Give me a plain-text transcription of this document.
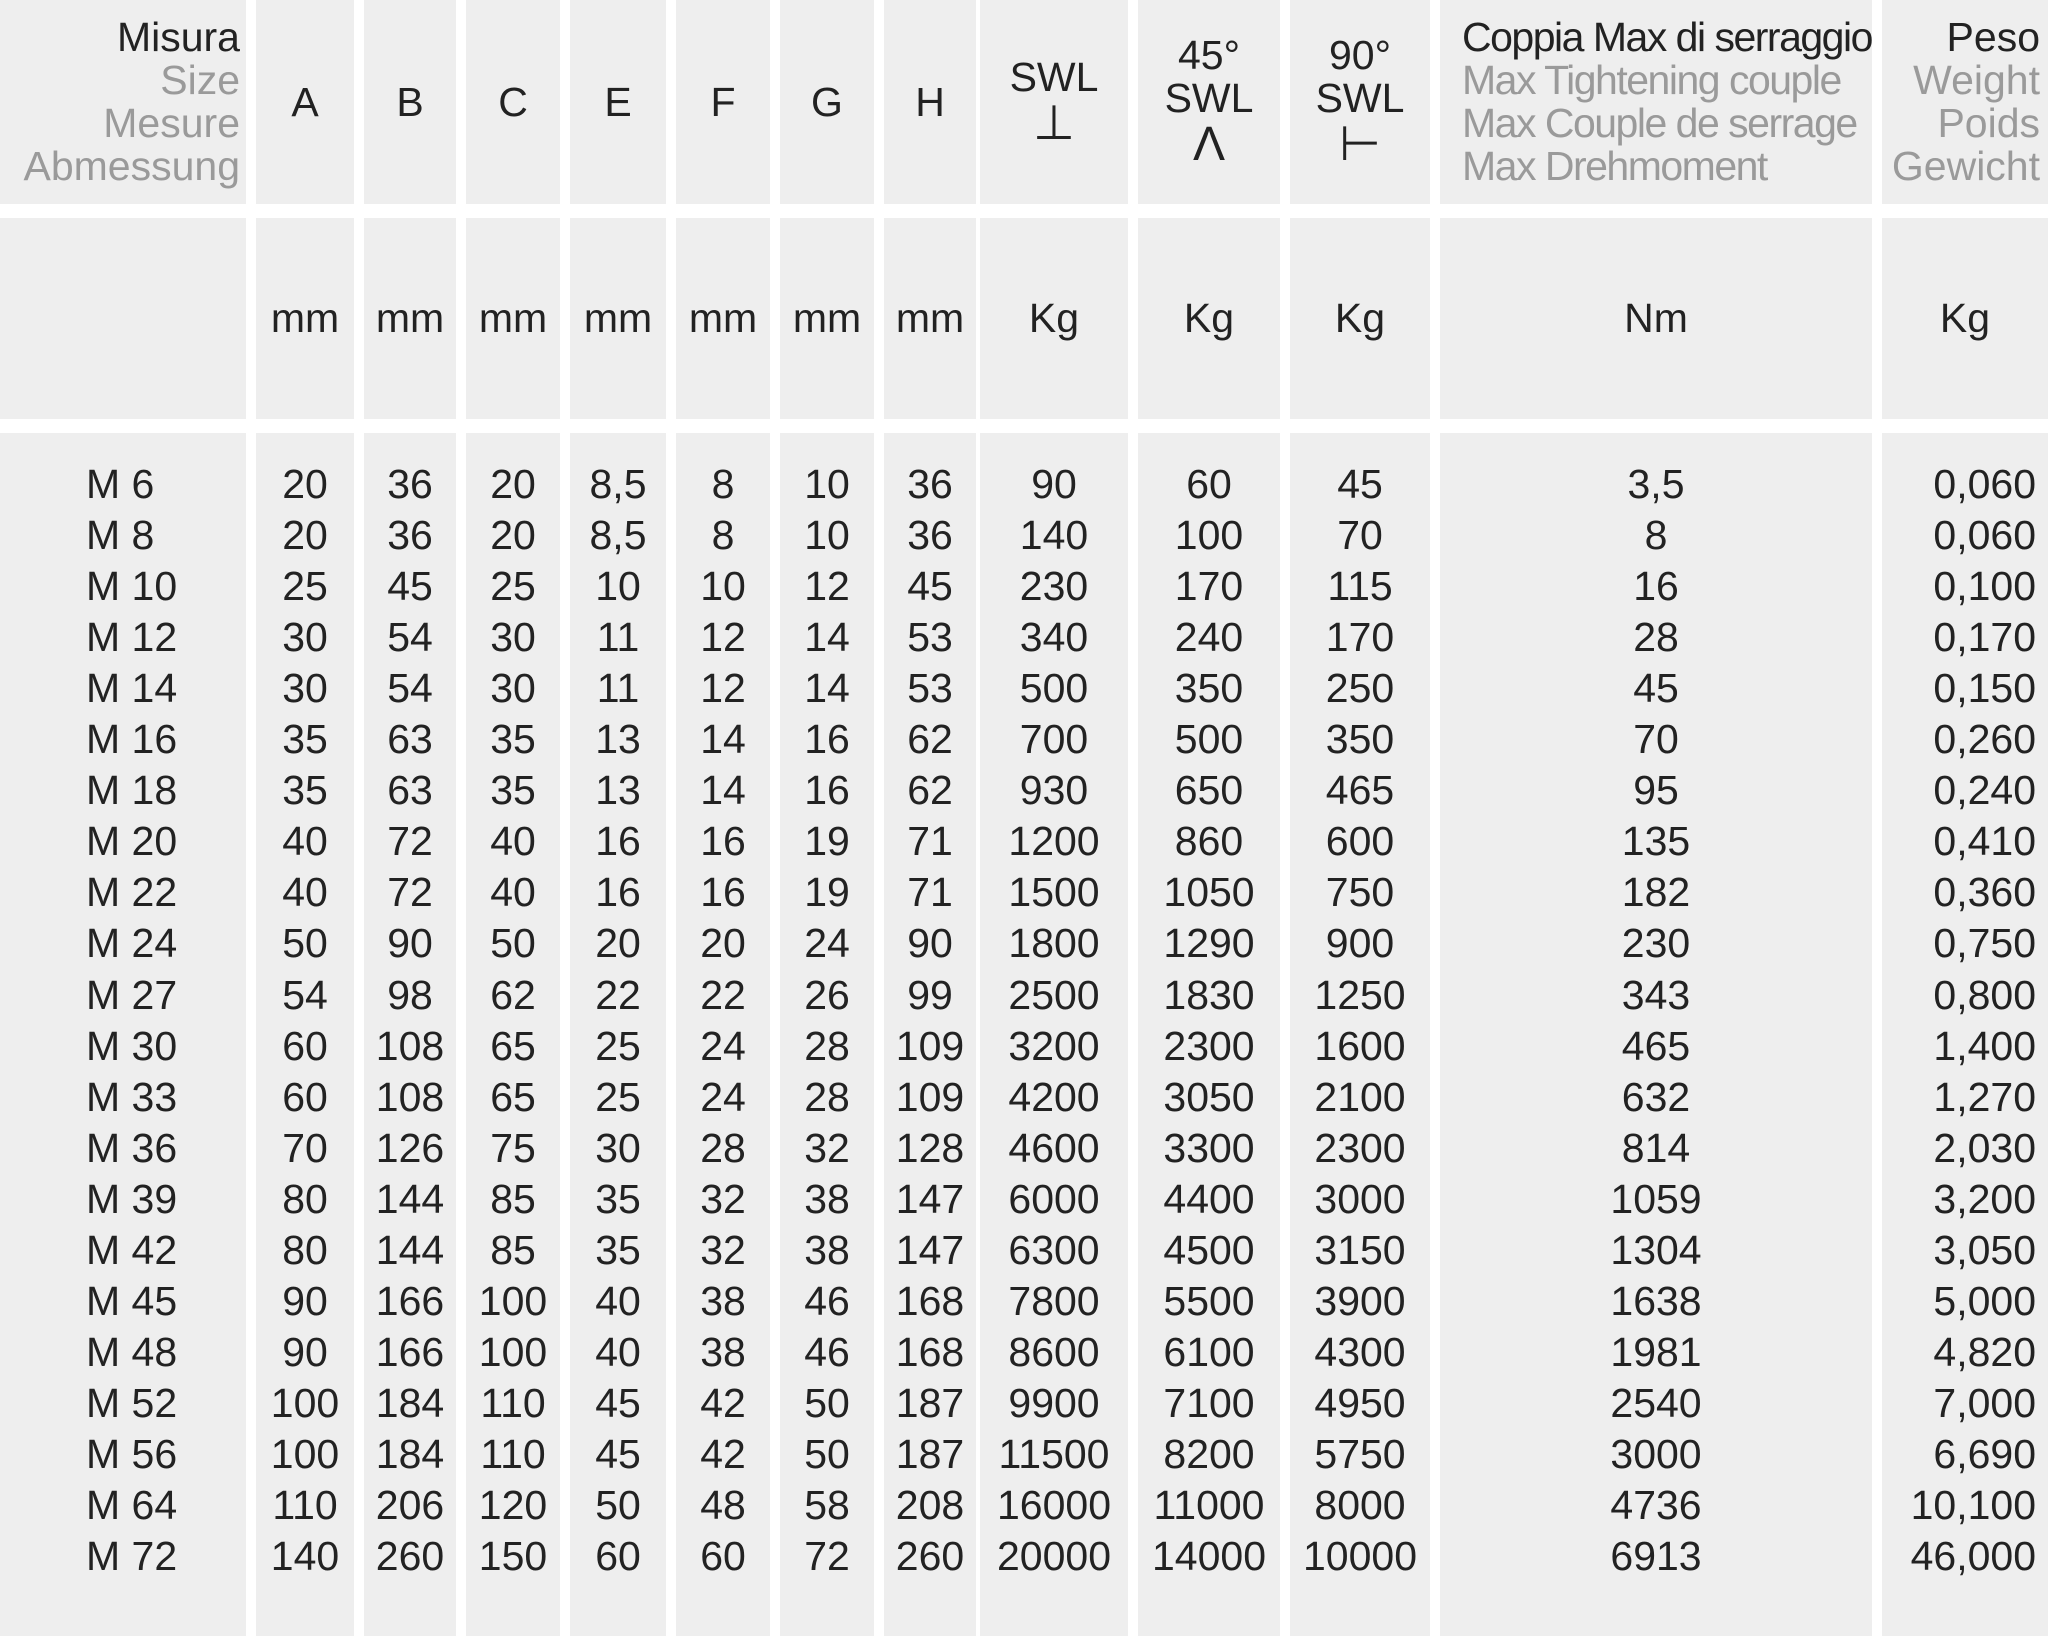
Misura
Size
Mesure
Abmessung
M 6
M 8
M 10
M 12
M 14
M 16
M 18
M 20
M 22
M 24
M 27
M 30
M 33
M 36
M 39
M 42
M 45
M 48
M 52
M 56
M 64
M 72
A
mm
20
20
25
30
30
35
35
40
40
50
54
60
60
70
80
80
90
90
100
100
110
140
B
mm
36
36
45
54
54
63
63
72
72
90
98
108
108
126
144
144
166
166
184
184
206
260
C
mm
20
20
25
30
30
35
35
40
40
50
62
65
65
75
85
85
100
100
110
110
120
150
E
mm
8,5
8,5
10
11
11
13
13
16
16
20
22
25
25
30
35
35
40
40
45
45
50
60
F
mm
8
8
10
12
12
14
14
16
16
20
22
24
24
28
32
32
38
38
42
42
48
60
G
mm
10
10
12
14
14
16
16
19
19
24
26
28
28
32
38
38
46
46
50
50
58
72
H
mm
36
36
45
53
53
62
62
71
71
90
99
109
109
128
147
147
168
168
187
187
208
260
SWL
⊥
Kg
90
140
230
340
500
700
930
1200
1500
1800
2500
3200
4200
4600
6000
6300
7800
8600
9900
11500
16000
20000
45°
SWL
Λ
Kg
60
100
170
240
350
500
650
860
1050
1290
1830
2300
3050
3300
4400
4500
5500
6100
7100
8200
11000
14000
90°
SWL
⊢
Kg
45
70
115
170
250
350
465
600
750
900
1250
1600
2100
2300
3000
3150
3900
4300
4950
5750
8000
10000
Coppia Max di serraggio
Max Tightening couple
Max Couple de serrage
Max Drehmoment
Nm
3,5
8
16
28
45
70
95
135
182
230
343
465
632
814
1059
1304
1638
1981
2540
3000
4736
6913
Peso
Weight
Poids
Gewicht
Kg
0,060
0,060
0,100
0,170
0,150
0,260
0,240
0,410
0,360
0,750
0,800
1,400
1,270
2,030
3,200
3,050
5,000
4,820
7,000
6,690
10,100
46,000
